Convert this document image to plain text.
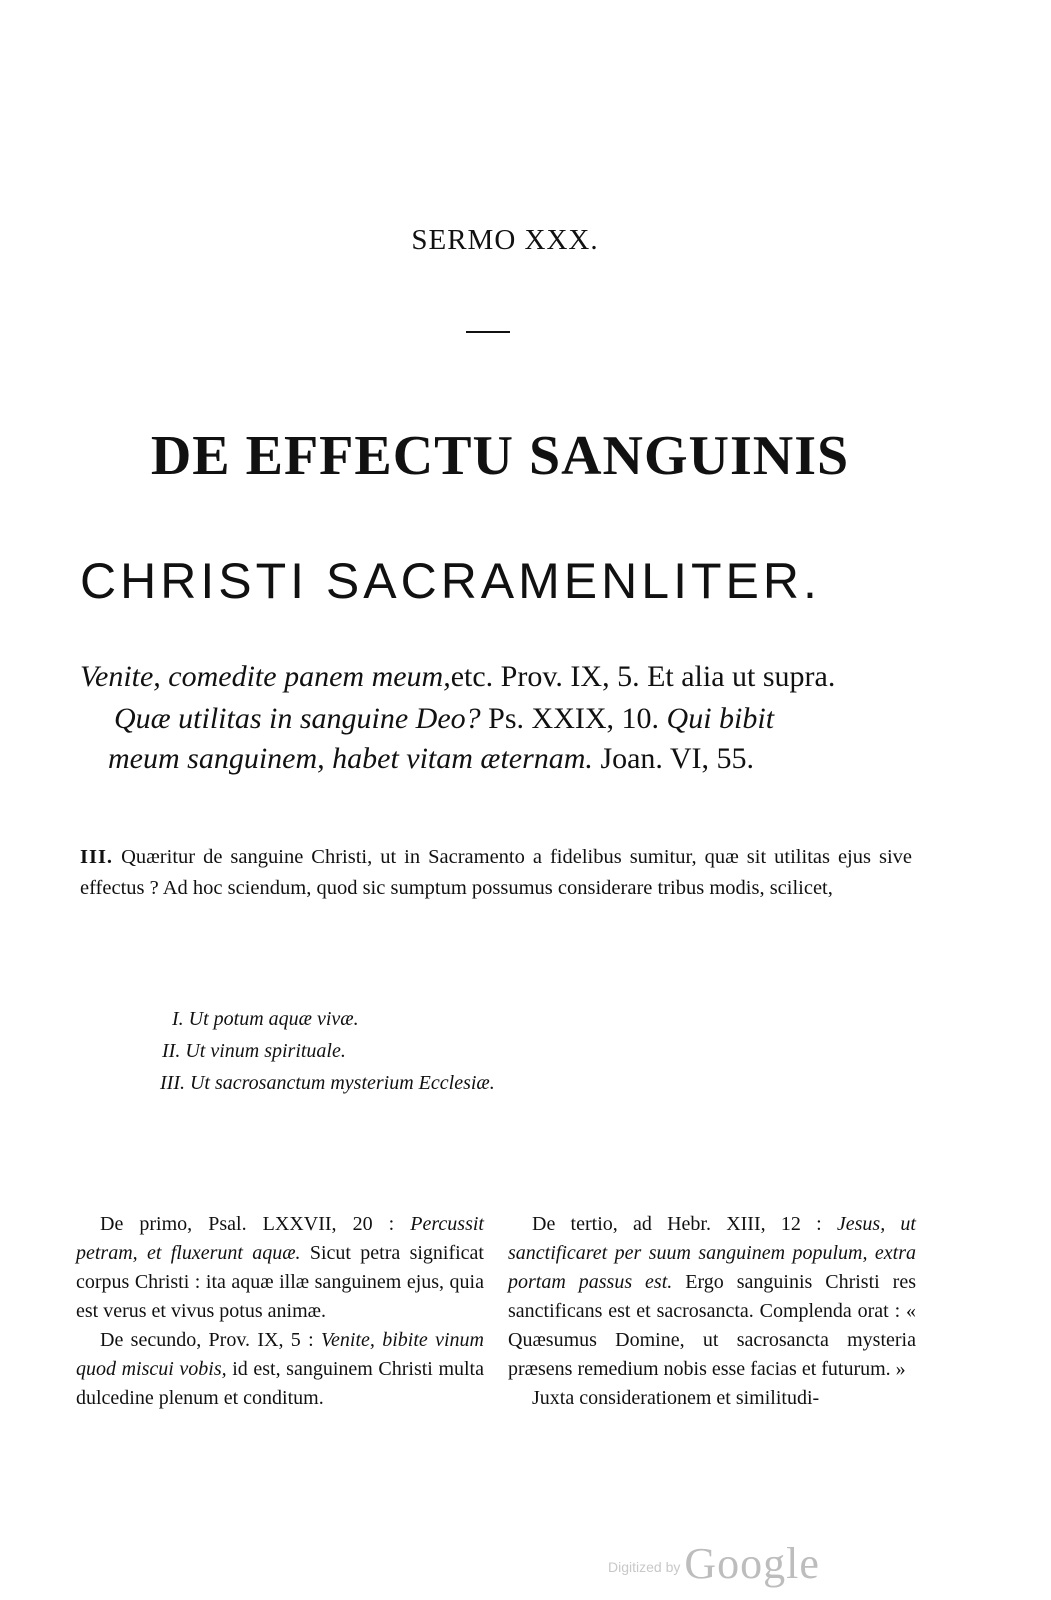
SERMO XXX.
DE EFFECTU SANGUINIS
CHRISTI SACRAMENLITER.
Venite, comedite panem meum,etc. Prov. IX, 5. Et alia ut supra.
Quæ utilitas in sanguine Deo? Ps. XXIX, 10. Qui bibit
meum sanguinem, habet vitam æternam. Joan. VI, 55.
III. Quæritur de sanguine Christi, ut in Sacramento a fidelibus sumitur, quæ sit utilitas ejus sive effectus ? Ad hoc sciendum, quod sic sumptum possumus considerare tribus modis, scilicet,
I. Ut potum aquæ vivæ.
II. Ut vinum spirituale.
III. Ut sacrosanctum mysterium Ecclesiæ.

De primo, Psal. LXXVII, 20 : Percussit petram, et fluxerunt aquæ. Sicut petra significat corpus Christi : ita aquæ illæ sanguinem ejus, quia est verus et vivus potus animæ.

De secundo, Prov. IX, 5 : Venite, bibite vinum quod miscui vobis, id est, sanguinem Christi multa dulcedine plenum et conditum.

De tertio, ad Hebr. XIII, 12 : Jesus, ut sanctificaret per suum sanguinem populum, extra portam passus est. Ergo sanguinis Christi res sanctificans est et sacrosancta. Complenda orat : « Quæsumus Domine, ut sacrosancta mysteria præsens remedium nobis esse facias et futurum. »

Juxta considerationem et similitudi-

Digitized by Google
